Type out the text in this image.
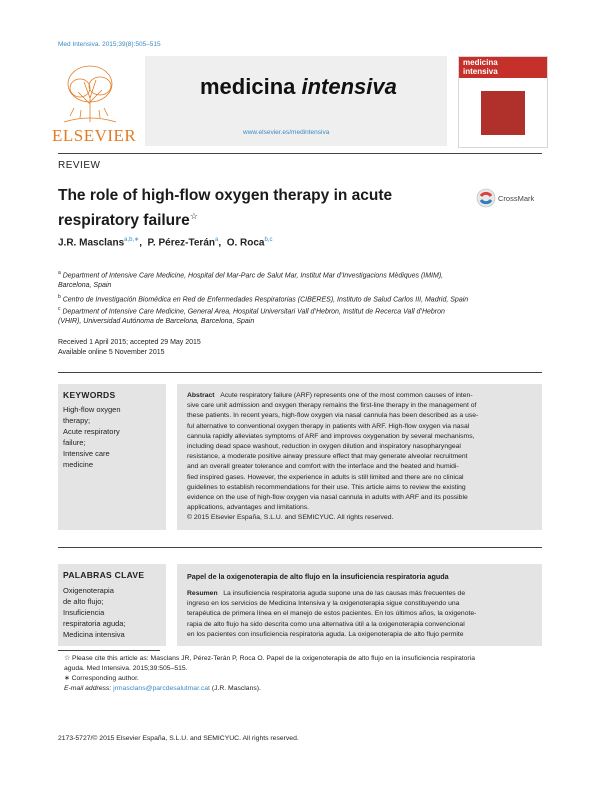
Med Intensiva. 2015;39(8):505–515
ELSEVIER
medicina intensiva
www.elsevier.es/medintensiva
medicina
intensiva
REVIEW
The role of high-flow oxygen therapy in acute
respiratory failure☆
CrossMark
J.R. Masclans$^{a,b,∗}$,  P. Pérez-Terán$^a$,  O. Roca$^{b,c}$
$^a$ Department of Intensive Care Medicine, Hospital del Mar-Parc de Salut Mar, Institut Mar d’Investigacions Mèdiques (IMIM),
Barcelona, Spain
$^b$ Centro de Investigación Biomédica en Red de Enfermedades Respiratorias (CIBERES), Instituto de Salud Carlos III, Madrid, Spain
$^c$ Department of Intensive Care Medicine, General Area, Hospital Universitari Vall d’Hebron, Institut de Recerca Vall d’Hebron
(VHIR), Universidad Autónoma de Barcelona, Barcelona, Spain
Received 1 April 2015; accepted 29 May 2015
Available online 5 November 2015
KEYWORDS
High-flow oxygen
therapy;
Acute respiratory
failure;
Intensive care
medicine
Abstract Acute respiratory failure (ARF) represents one of the most common causes of inten-
sive care unit admission and oxygen therapy remains the first-line therapy in the management of
these patients. In recent years, high-flow oxygen via nasal cannula has been described as a use-
ful alternative to conventional oxygen therapy in patients with ARF. High-flow oxygen via nasal
cannula rapidly alleviates symptoms of ARF and improves oxygenation by several mechanisms,
including dead space washout, reduction in oxygen dilution and inspiratory nasopharyngeal
resistance, a moderate positive airway pressure effect that may generate alveolar recruitment
and an overall greater tolerance and comfort with the interface and the heated and humidi-
fied inspired gases. However, the experience in adults is still limited and there are no clinical
guidelines to establish recommendations for their use. This article aims to review the existing
evidence on the use of high-flow oxygen via nasal cannula in adults with ARF and its possible
applications, advantages and limitations.
© 2015 Elsevier España, S.L.U. and SEMICYUC. All rights reserved.
PALABRAS CLAVE
Oxigenoterapia
de alto flujo;
Insuficiencia
respiratoria aguda;
Medicina intensiva
Papel de la oxigenoterapia de alto flujo en la insuficiencia respiratoria aguda
Resumen La insuficiencia respiratoria aguda supone una de las causas más frecuentes de
ingreso en los servicios de Medicina Intensiva y la oxigenoterapia sigue constituyendo una
terapéutica de primera línea en el manejo de estos pacientes. En los últimos años, la oxigenote-
rapia de alto flujo ha sido descrita como una alternativa útil a la oxigenoterapia convencional
en los pacientes con insuficiencia respiratoria aguda. La oxigenoterapia de alto flujo permite
☆ Please cite this article as: Masclans JR, Pérez-Terán P, Roca O. Papel de la oxigenoterapia de alto flujo en la insuficiencia respiratoria
aguda. Med Intensiva. 2015;39:505–515.
∗ Corresponding author.
E-mail address: jrmasclans@parcdesalutmar.cat (J.R. Masclans).
2173-5727/© 2015 Elsevier España, S.L.U. and SEMICYUC. All rights reserved.
